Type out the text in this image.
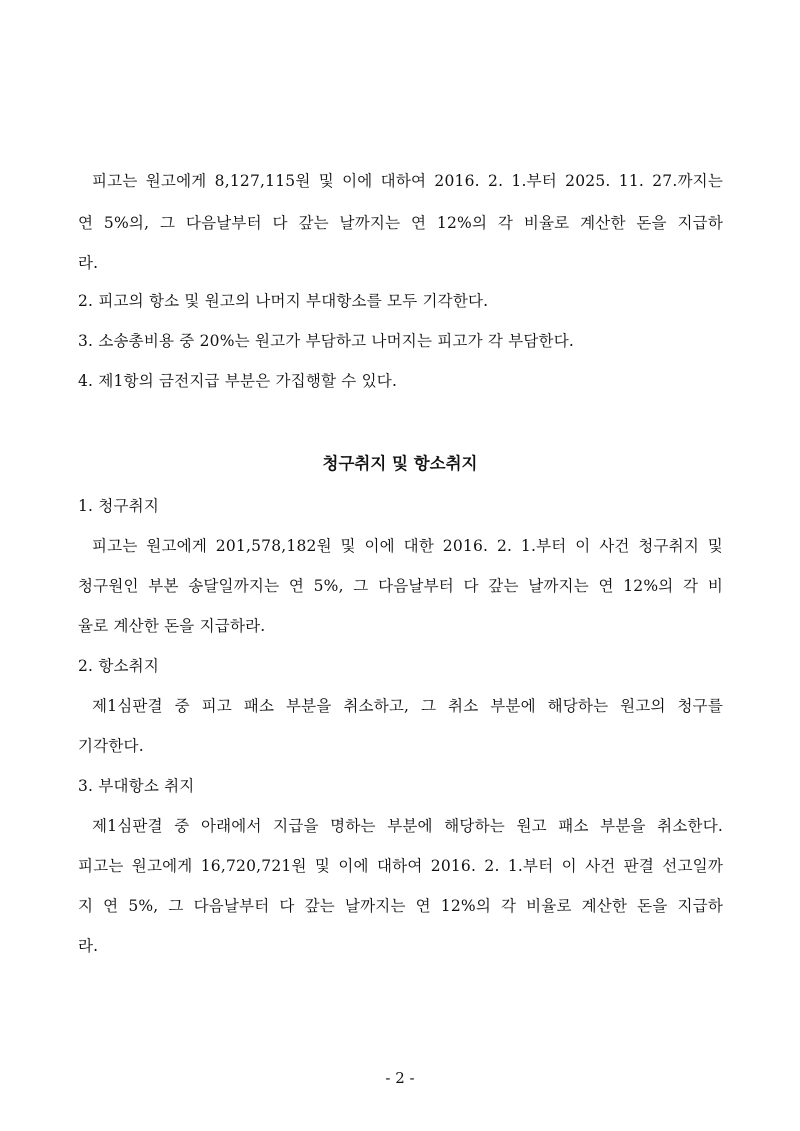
피고는 원고에게 8,127,115원 및 이에 대하여 2016. 2. 1.부터 2025. 11. 27.까지는
연 5%의, 그 다음날부터 다 갚는 날까지는 연 12%의 각 비율로 계산한 돈을 지급하
라.
2. 피고의 항소 및 원고의 나머지 부대항소를 모두 기각한다.
3. 소송총비용 중 20%는 원고가 부담하고 나머지는 피고가 각 부담한다.
4. 제1항의 금전지급 부분은 가집행할 수 있다.
청구취지 및 항소취지
1. 청구취지
피고는 원고에게 201,578,182원 및 이에 대한 2016. 2. 1.부터 이 사건 청구취지 및
청구원인 부본 송달일까지는 연 5%, 그 다음날부터 다 갚는 날까지는 연 12%의 각 비
율로 계산한 돈을 지급하라.
2. 항소취지
제1심판결 중 피고 패소 부분을 취소하고, 그 취소 부분에 해당하는 원고의 청구를
기각한다.
3. 부대항소 취지
제1심판결 중 아래에서 지급을 명하는 부분에 해당하는 원고 패소 부분을 취소한다.
피고는 원고에게 16,720,721원 및 이에 대하여 2016. 2. 1.부터 이 사건 판결 선고일까
지 연 5%, 그 다음날부터 다 갚는 날까지는 연 12%의 각 비율로 계산한 돈을 지급하
라.
- 2 -
